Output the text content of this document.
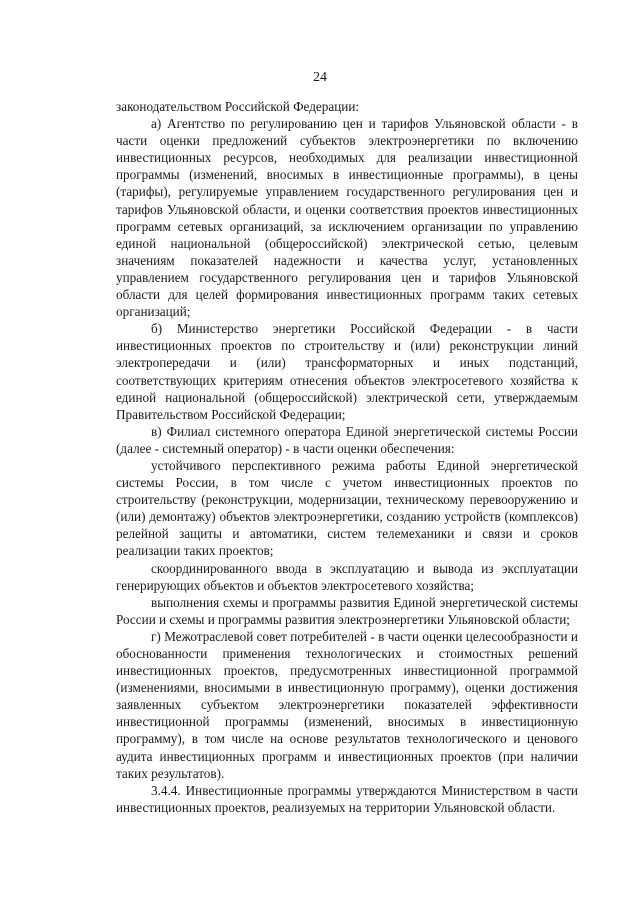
24

законодательством Российской Федерации:

а) Агентство по регулированию цен и тарифов Ульяновской области - в части оценки предложений субъектов электроэнергетики по включению инвестиционных ресурсов, необходимых для реализации инвестиционной программы (изменений, вносимых в инвестиционные программы), в цены (тарифы), регулируемые управлением государственного регулирования цен и тарифов Ульяновской области, и оценки соответствия проектов инвестиционных программ сетевых организаций, за исключением организации по управлению единой национальной (общероссийской) электрической сетью, целевым значениям показателей надежности и качества услуг, установленных управлением государственного регулирования цен и тарифов Ульяновской области для целей формирования инвестиционных программ таких сетевых организаций;

б) Министерство энергетики Российской Федерации - в части инвестиционных проектов по строительству и (или) реконструкции линий электропередачи и (или) трансформаторных и иных подстанций, соответствующих критериям отнесения объектов электросетевого хозяйства к единой национальной (общероссийской) электрической сети, утверждаемым Правительством Российской Федерации;

в) Филиал системного оператора Единой энергетической системы России (далее - системный оператор) - в части оценки обеспечения:

устойчивого перспективного режима работы Единой энергетической системы России, в том числе с учетом инвестиционных проектов по строительству (реконструкции, модернизации, техническому перевооружению и (или) демонтажу) объектов электроэнергетики, созданию устройств (комплексов) релейной защиты и автоматики, систем телемеханики и связи и сроков реализации таких проектов;

скоординированного ввода в эксплуатацию и вывода из эксплуатации генерирующих объектов и объектов электросетевого хозяйства;

выполнения схемы и программы развития Единой энергетической системы России и схемы и программы развития электроэнергетики Ульяновской области;

г) Межотраслевой совет потребителей - в части оценки целесообразности и обоснованности применения технологических и стоимостных решений инвестиционных проектов, предусмотренных инвестиционной программой (изменениями, вносимыми в инвестиционную программу), оценки достижения заявленных субъектом электроэнергетики показателей эффективности инвестиционной программы (изменений, вносимых в инвестиционную программу), в том числе на основе результатов технологического и ценового аудита инвестиционных программ и инвестиционных проектов (при наличии таких результатов).

3.4.4. Инвестиционные программы утверждаются Министерством в части инвестиционных проектов, реализуемых на территории Ульяновской области.
